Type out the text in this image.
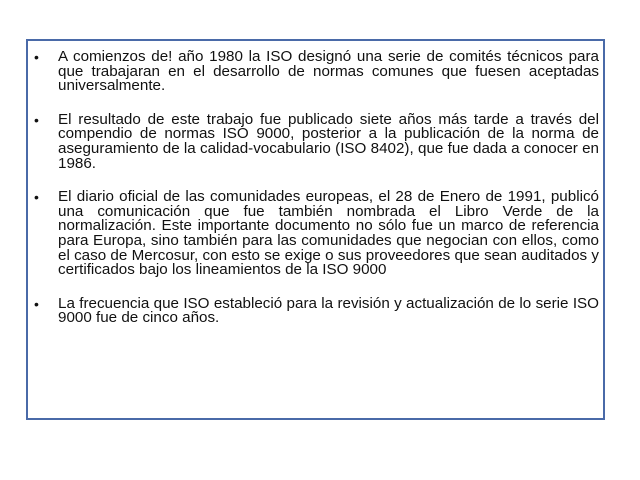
• A comienzos de! año 1980 la ISO designó una serie de comités técnicos para que trabajaran en el desarrollo de normas comunes que fuesen aceptadas universalmente.
• El resultado de este trabajo fue publicado siete años más tarde a través del compendio de normas ISO 9000, posterior a la publicación de la norma de aseguramiento de la calidad-vocabulario (ISO 8402), que fue dada a conocer en 1986.
• El diario oficial de las comunidades europeas, el 28 de Enero de 1991, publicó una comunicación que fue también nombrada el Libro Verde de la normalización. Este importante documento no sólo fue un marco de referencia para Europa, sino también para las comunidades que negocian con ellos, como el caso de Mercosur, con esto se exige o sus proveedores que sean auditados y certificados bajo los lineamientos de la ISO 9000
• La frecuencia que ISO estableció para la revisión y actualización de lo serie ISO 9000 fue de cinco años.
